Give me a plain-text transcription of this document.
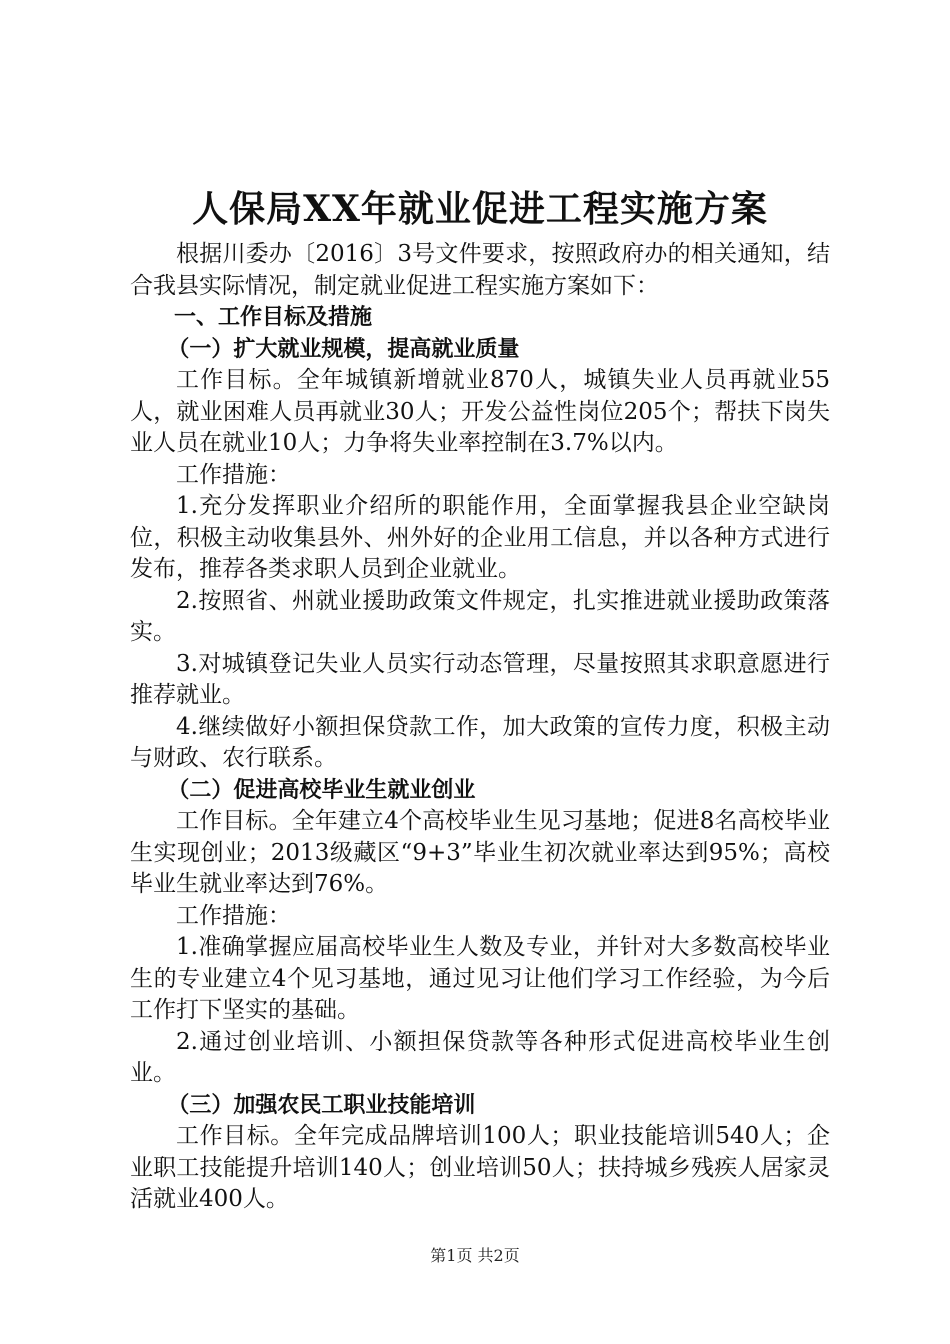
人保局XX年就业促进工程实施方案

根据川委办〔2016〕3号文件要求，按照政府办的相关通知，结合我县实际情况，制定就业促进工程实施方案如下：

一、工作目标及措施

（一）扩大就业规模，提高就业质量

工作目标。全年城镇新增就业870人，城镇失业人员再就业55人，就业困难人员再就业30人；开发公益性岗位205个；帮扶下岗失业人员在就业10人；力争将失业率控制在3.7%以内。

工作措施：

1.充分发挥职业介绍所的职能作用，全面掌握我县企业空缺岗位，积极主动收集县外、州外好的企业用工信息，并以各种方式进行发布，推荐各类求职人员到企业就业。

2.按照省、州就业援助政策文件规定，扎实推进就业援助政策落实。

3.对城镇登记失业人员实行动态管理，尽量按照其求职意愿进行推荐就业。

4.继续做好小额担保贷款工作，加大政策的宣传力度，积极主动与财政、农行联系。

（二）促进高校毕业生就业创业

工作目标。全年建立4个高校毕业生见习基地；促进8名高校毕业生实现创业；2013级藏区“9+3”毕业生初次就业率达到95%；高校毕业生就业率达到76%。

工作措施：

1.准确掌握应届高校毕业生人数及专业，并针对大多数高校毕业生的专业建立4个见习基地，通过见习让他们学习工作经验，为今后工作打下坚实的基础。

2.通过创业培训、小额担保贷款等各种形式促进高校毕业生创业。

（三）加强农民工职业技能培训

工作目标。全年完成品牌培训100人；职业技能培训540人；企业职工技能提升培训140人；创业培训50人；扶持城乡残疾人居家灵活就业400人。

第1页 共2页
